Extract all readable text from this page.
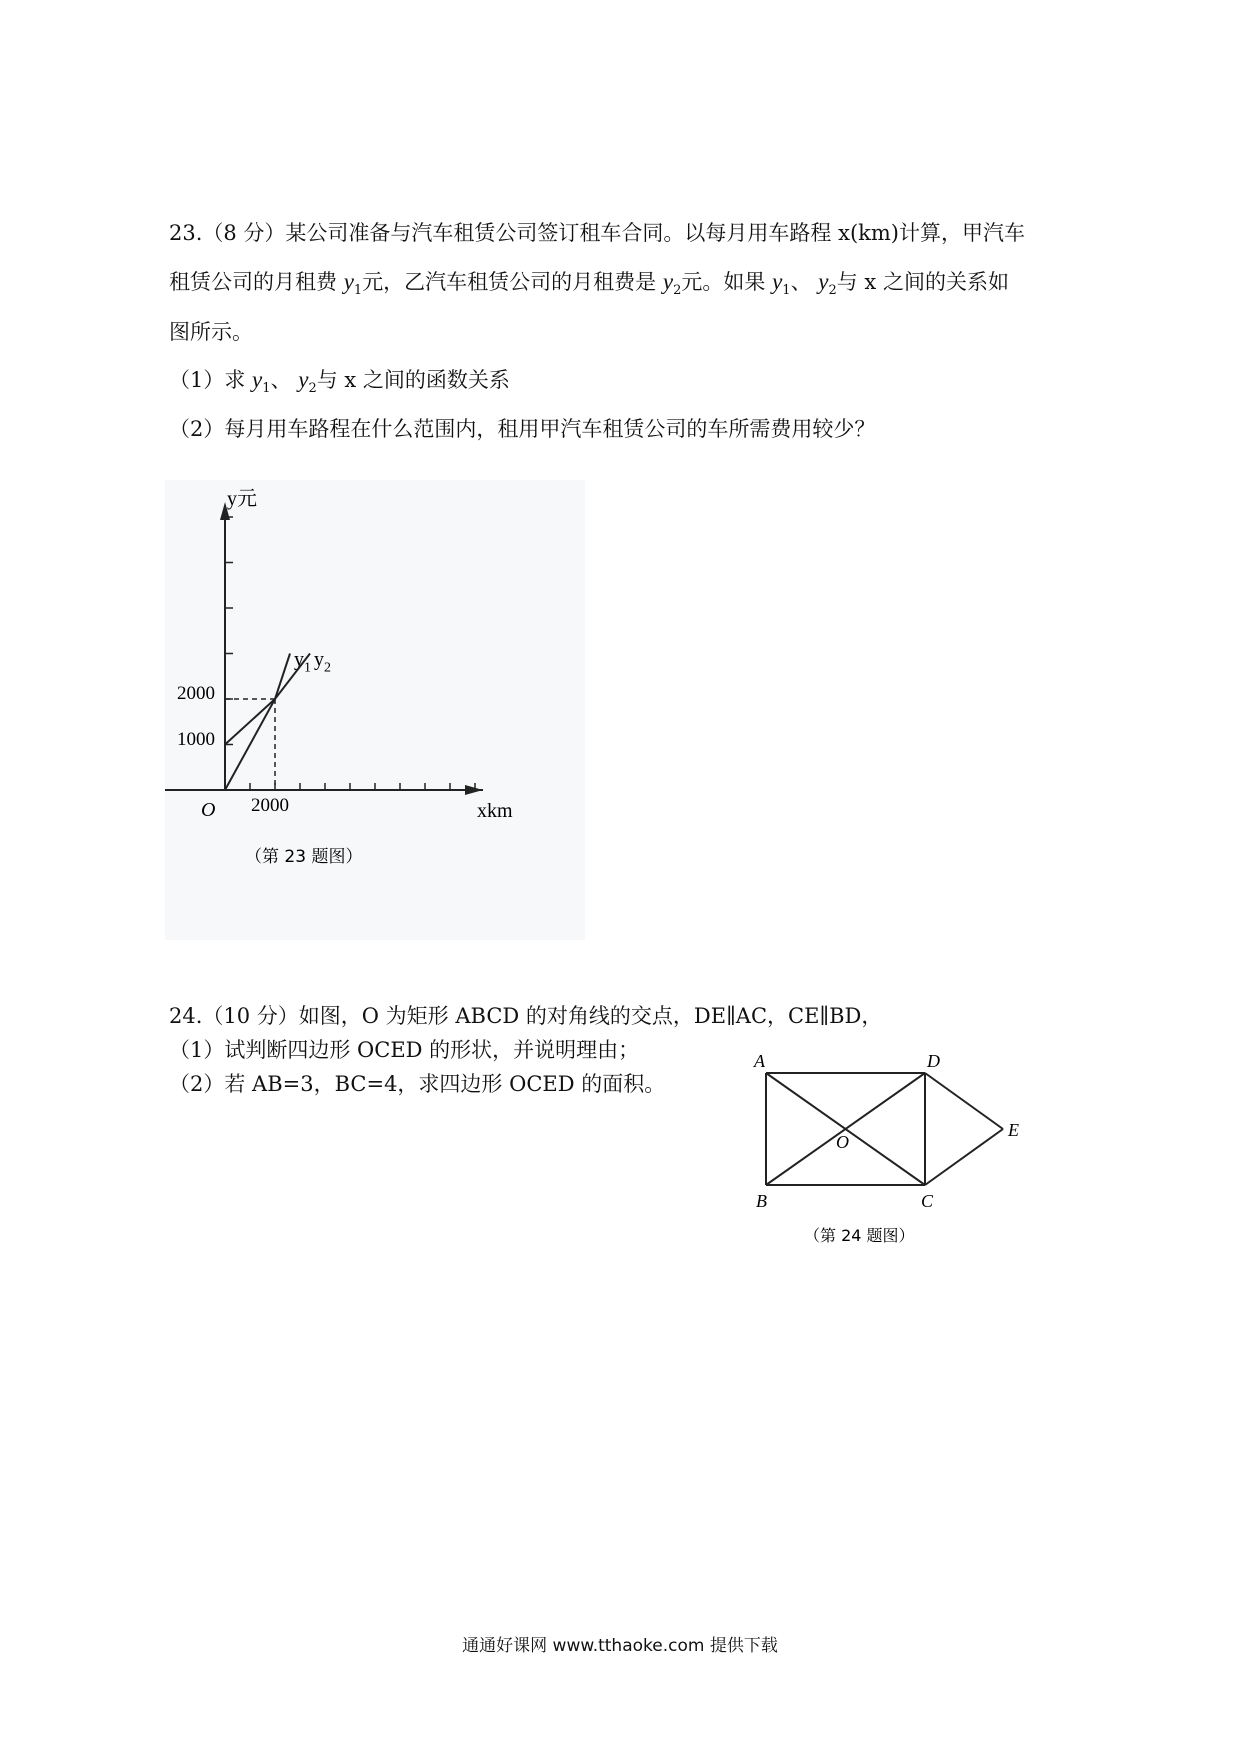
23.（8 分）某公司准备与汽车租赁公司签订租车合同。以每月用车路程 x(km)计算，甲汽车
租赁公司的月租费 $y_1$元，乙汽车租赁公司的月租费是 $y_2$元。如果 $y_1$、 $y_2$与 x 之间的关系如
图所示。
（1）求 $y_1$、 $y_2$与 x 之间的函数关系
（2）每月用车路程在什么范围内，租用甲汽车租赁公司的车所需费用较少？
$y_1$ $y_2$
y元
xkm
O
1000
2000
2000
（第 23 题图）
24.（10 分）如图，O 为矩形 ABCD 的对角线的交点，DE∥AC，CE∥BD，
（1）试判断四边形 OCED 的形状，并说明理由；
（2）若 AB=3，BC=4，求四边形 OCED 的面积。
A	D
E
O
B	C
（第 24 题图）
通通好课网 www.tthaoke.com 提供下载
